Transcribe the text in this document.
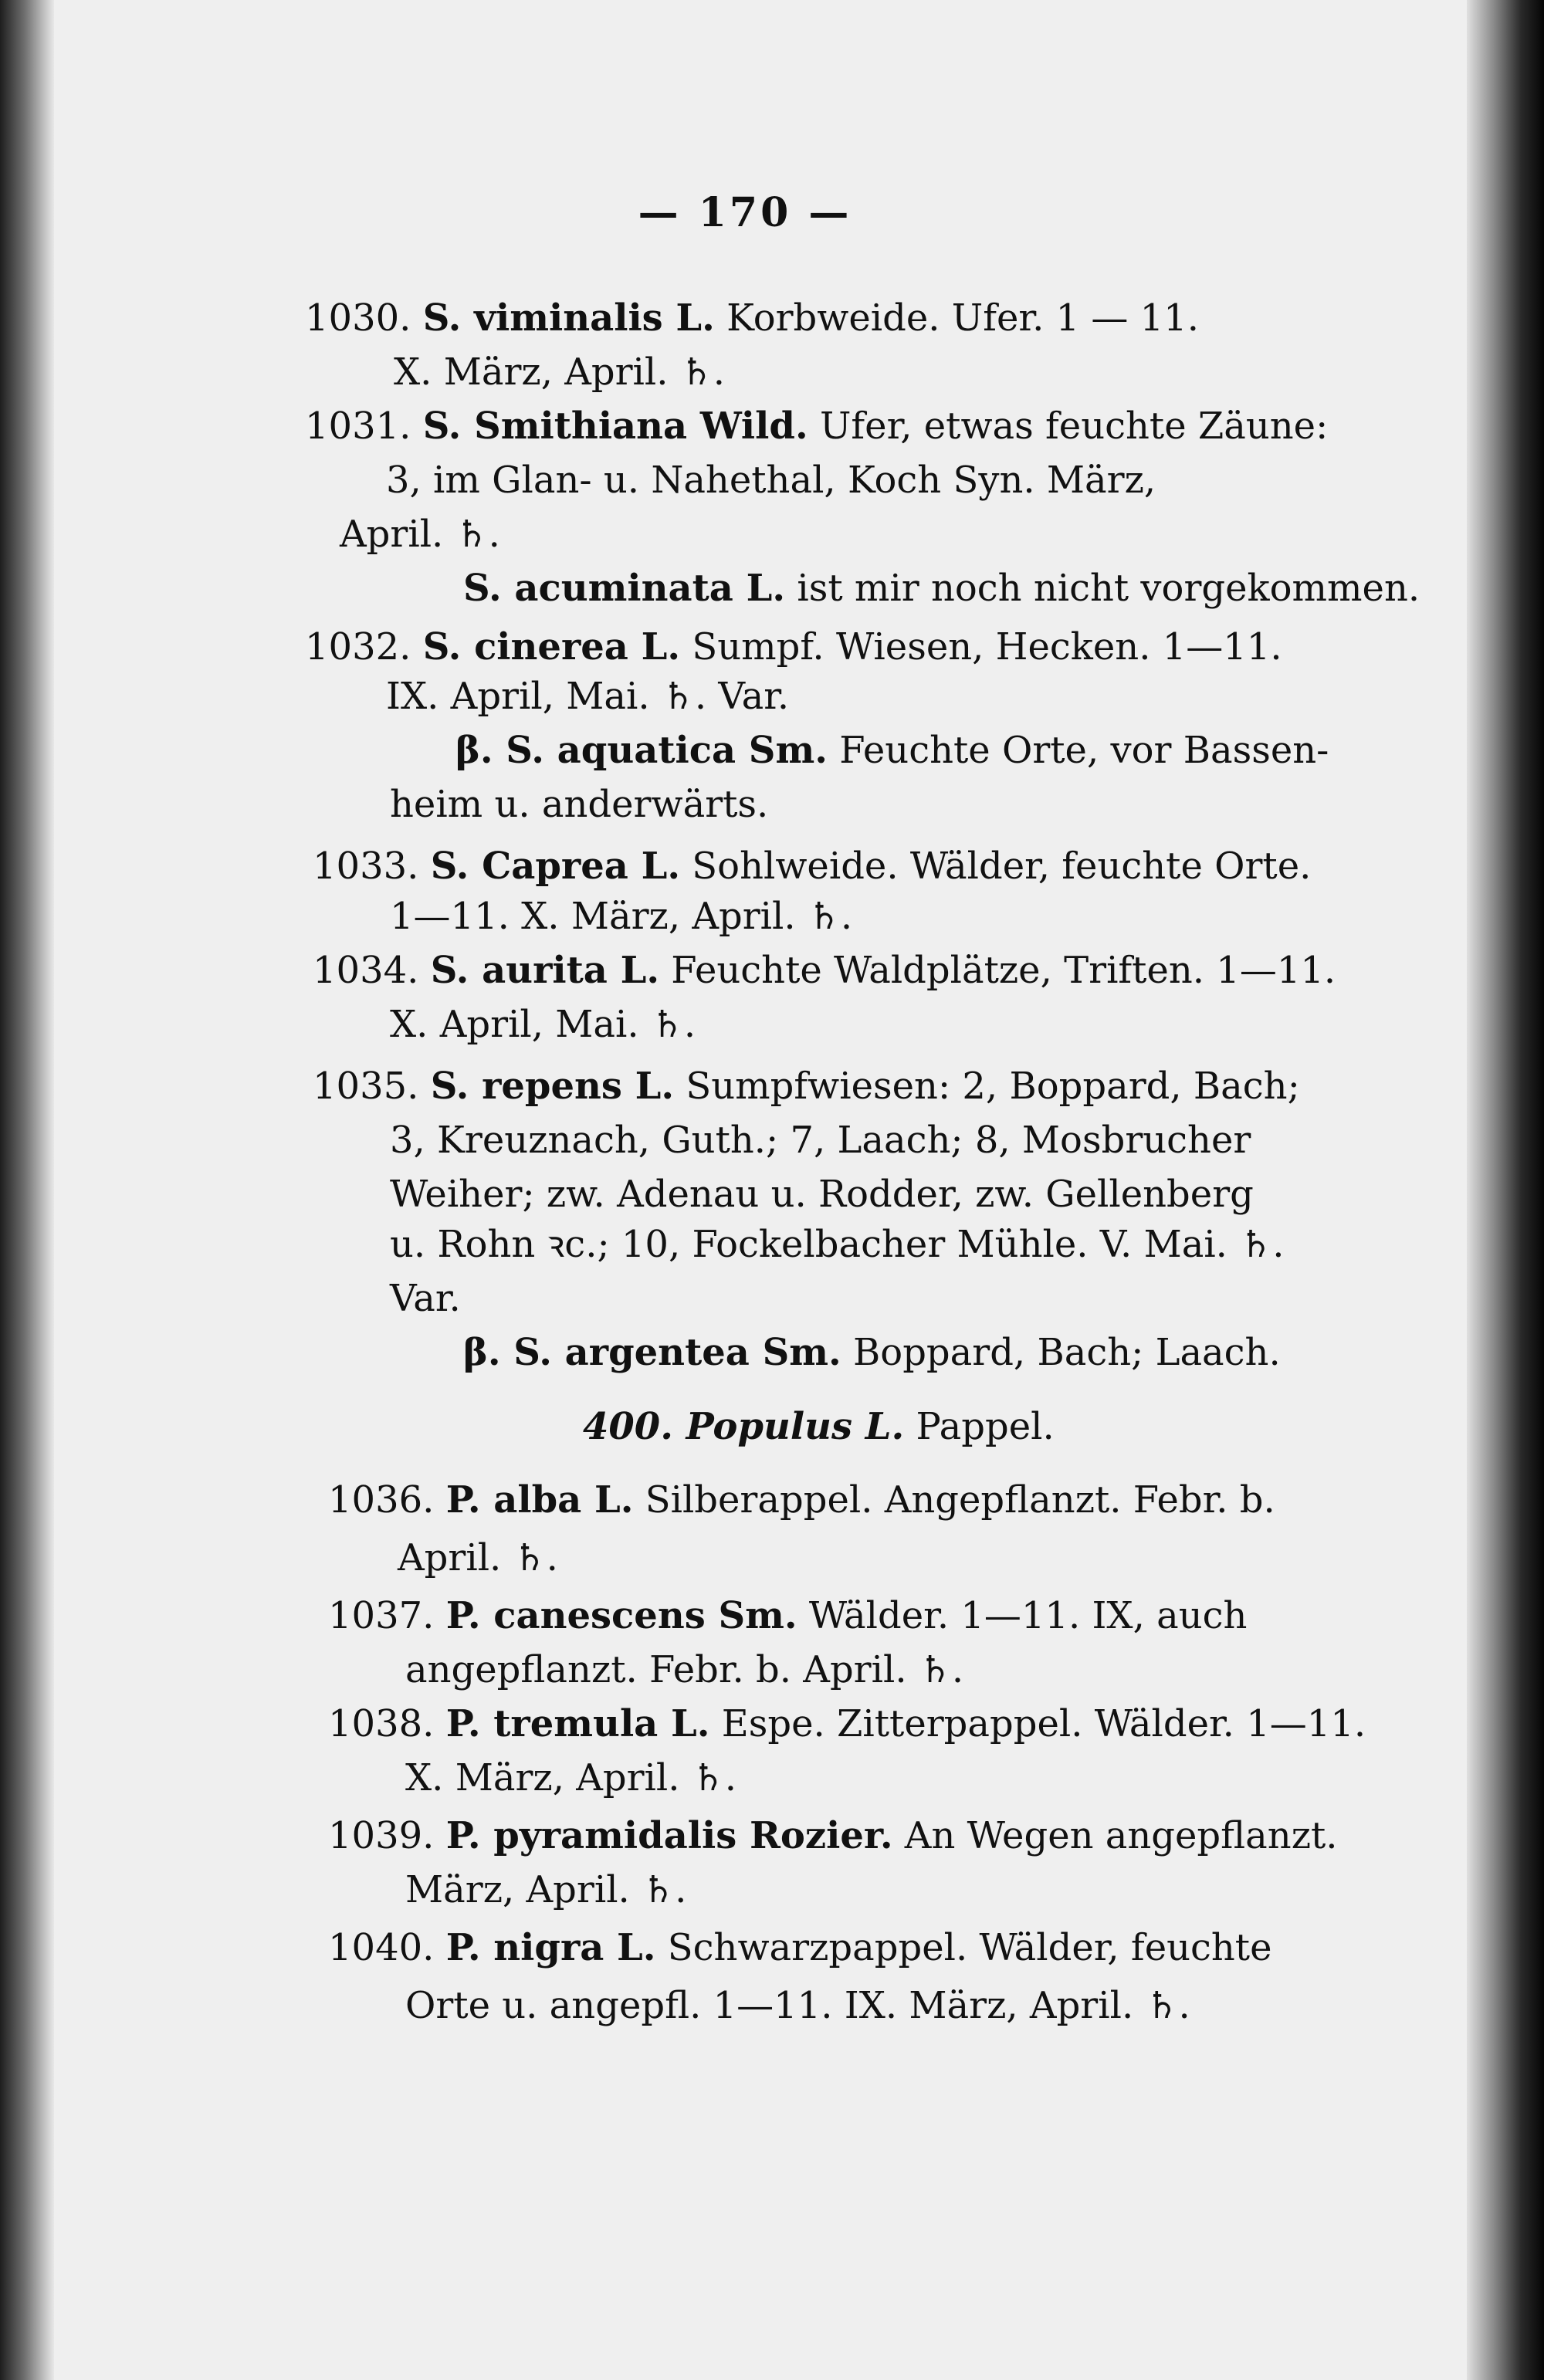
— 170 —
1030. S. viminalis L. Korbweide. Ufer. 1 — 11.
X. März, April. ♄.
1031. S. Smithiana Wild. Ufer, etwas feuchte Zäune:
3, im Glan- u. Nahethal, Koch Syn. März,
April. ♄.
S. acuminata L. ist mir noch nicht vorgekommen.
1032. S. cinerea L. Sumpf. Wiesen, Hecken. 1—11.
IX. April, Mai. ♄. Var.
β. S. aquatica Sm. Feuchte Orte, vor Bassen-
heim u. anderwärts.
1033. S. Caprea L. Sohlweide. Wälder, feuchte Orte.
1—11. X. März, April. ♄.
1034. S. aurita L. Feuchte Waldplätze, Triften. 1—11.
X. April, Mai. ♄.
1035. S. repens L. Sumpfwiesen: 2, Boppard, Bach;
3, Kreuznach, Guth.; 7, Laach; 8, Mosbrucher
Weiher; zw. Adenau u. Rodder, zw. Gellenberg
u. Rohn ꝛc.; 10, Fockelbacher Mühle. V. Mai. ♄.
Var.
β. S. argentea Sm. Boppard, Bach; Laach.
400. Populus L. Pappel.
1036. P. alba L. Silberappel. Angepflanzt. Febr. b.
April. ♄.
1037. P. canescens Sm. Wälder. 1—11. IX, auch
angepflanzt. Febr. b. April. ♄.
1038. P. tremula L. Espe. Zitterpappel. Wälder. 1—11.
X. März, April. ♄.
1039. P. pyramidalis Rozier. An Wegen angepflanzt.
März, April. ♄.
1040. P. nigra L. Schwarzpappel. Wälder, feuchte
Orte u. angepfl. 1—11. IX. März, April. ♄.
